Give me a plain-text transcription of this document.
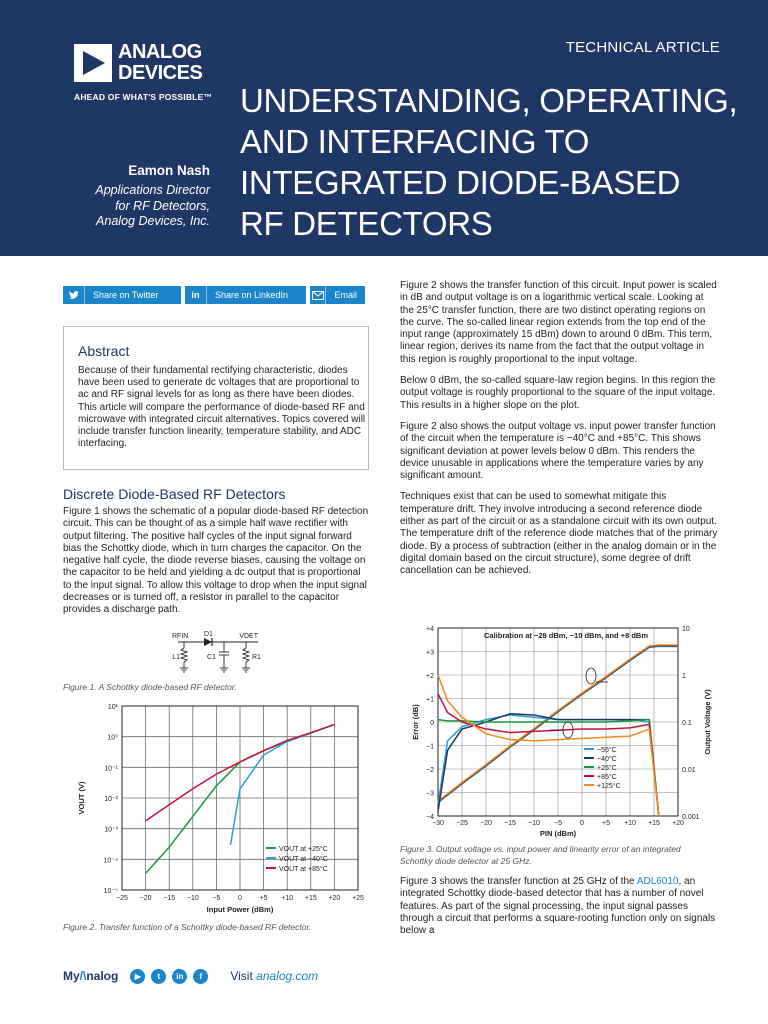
ANALOG
DEVICES
AHEAD OF WHAT'S POSSIBLE™
TECHNICAL ARTICLE
UNDERSTANDING, OPERATING,
AND INTERFACING TO
INTEGRATED DIODE-BASED
RF DETECTORS
Eamon Nash
Applications Director
for RF Detectors,
Analog Devices, Inc.
Share on Twitter	in	Share on LinkedIn	Email
Abstract

Because of their fundamental rectifying characteristic, diodes have been used to generate dc voltages that are proportional to ac and RF signal levels for as long as there have been diodes. This article will compare the performance of diode-based RF and microwave with integrated circuit alternatives. Topics covered will include transfer function linearity, temperature stability, and ADC interfacing.

Discrete Diode-Based RF Detectors
Figure 1 shows the schematic of a popular diode-based RF detection circuit. This can be thought of as a simple half wave rectifier with output filtering. The positive half cycles of the input signal forward bias the Schottky diode, which in turn charges the capacitor. On the negative half cycle, the diode reverse biases, causing the voltage on the capacitor to be held and yielding a dc output that is proportional to the input signal. To allow this voltage to drop when the input signal decreases or is turned off, a resistor in parallel to the capacitor provides a discharge path.
RFIN D1	VDET
L1	C1	R1
Figure 1. A Schottky diode-based RF detector.
−25 −20 −15 −10 −5	0	+5 +10 +15 +20 +25
10¹
10⁰
10⁻¹
10⁻²
10⁻³
10⁻⁴
10⁻⁵
Input Power (dBm)
VOUT (V)
VOUT at +25°C
VOUT at −40°C
VOUT at +85°C
Figure 2. Transfer function of a Schottky diode-based RF detector.

Figure 2 shows the transfer function of this circuit. Input power is scaled in dB and output voltage is on a logarithmic vertical scale. Looking at the 25°C transfer function, there are two distinct operating regions on the curve. The so-called linear region extends from the top end of the input range (approximately 15 dBm) down to around 0 dBm. This term, linear region, derives its name from the fact that the output voltage in this region is roughly proportional to the input voltage.

Below 0 dBm, the so-called square-law region begins. In this region the output voltage is roughly proportional to the square of the input voltage. This results in a higher slope on the plot.

Figure 2 also shows the output voltage vs. input power transfer function of the circuit when the temperature is −40°C and +85°C. This shows significant deviation at power levels below 0 dBm. This renders the device unusable in applications where the temperature varies by any significant amount.

Techniques exist that can be used to somewhat mitigate this temperature drift. They involve introducing a second reference diode either as part of the circuit or as a standalone circuit with its own output. The temperature drift of the reference diode matches that of the primary diode. By a process of subtraction (either in the analog domain or in the digital domain based on the circuit structure), some degree of drift cancellation can be achieved.

−30 −25 −20 −15 −10 −5	0	+5 +10 +15 +20
+4
+3
+2
+1
0
−1
−2
−3
−4
10
1
0.1
0.01
0.001
PIN (dBm)
Error (dB)	Output Voltage (V)
Calibration at −28 dBm, −10 dBm, and +8 dBm
−55°C
−40°C
+25°C
+85°C
+125°C
Figure 3. Output voltage vs. input power and linearity error of an integrated Schottky diode detector at 25 GHz.
Figure 3 shows the transfer function at 25 GHz of the ADL6010, an integrated Schottky diode-based detector that has a number of novel features. As part of the signal processing, the input signal passes through a circuit that performs a square-rooting function only on signals below a
My/\nalog	▶	t	in	f	Visit analog.com
